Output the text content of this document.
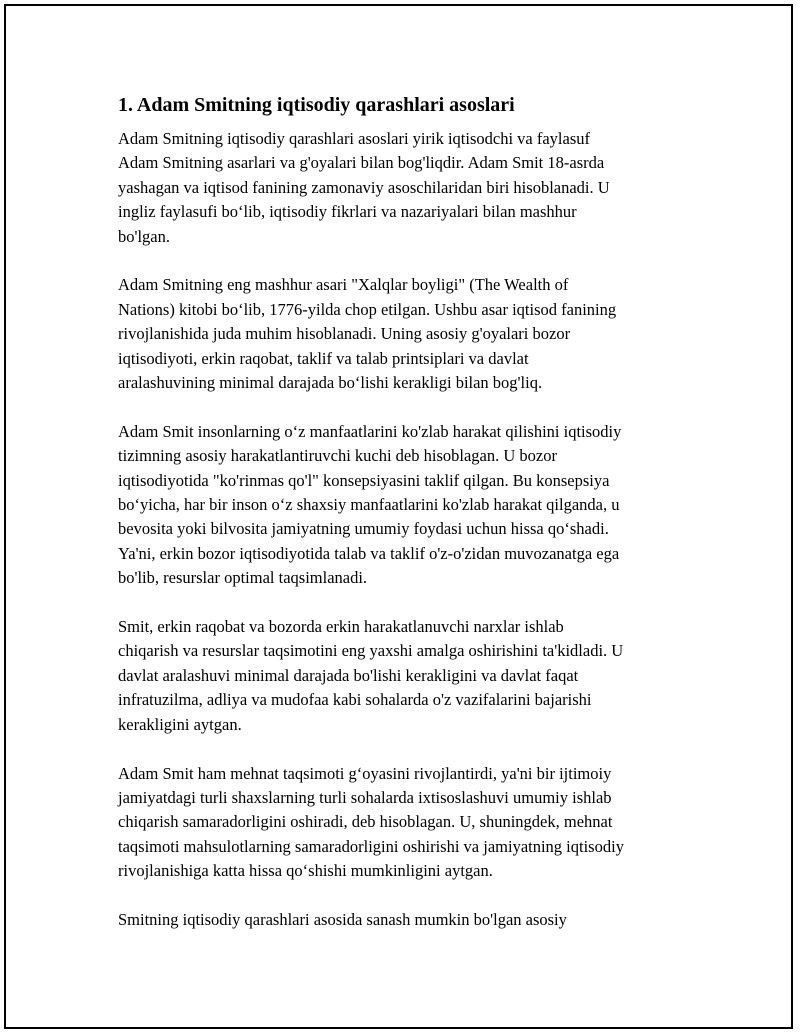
1. Adam Smitning iqtisodiy qarashlari asoslari
Adam Smitning iqtisodiy qarashlari asoslari yirik iqtisodchi va faylasuf
Adam Smitning asarlari va g'oyalari bilan bog'liqdir. Adam Smit 18-asrda
yashagan va iqtisod fanining zamonaviy asoschilaridan biri hisoblanadi. U
ingliz faylasufi bo‘lib, iqtisodiy fikrlari va nazariyalari bilan mashhur
bo'lgan.
Adam Smitning eng mashhur asari "Xalqlar boyligi" (The Wealth of
Nations) kitobi bo‘lib, 1776-yilda chop etilgan. Ushbu asar iqtisod fanining
rivojlanishida juda muhim hisoblanadi. Uning asosiy g'oyalari bozor
iqtisodiyoti, erkin raqobat, taklif va talab printsiplari va davlat
aralashuvining minimal darajada bo‘lishi kerakligi bilan bog'liq.
Adam Smit insonlarning o‘z manfaatlarini ko'zlab harakat qilishini iqtisodiy
tizimning asosiy harakatlantiruvchi kuchi deb hisoblagan. U bozor
iqtisodiyotida "ko'rinmas qo'l" konsepsiyasini taklif qilgan. Bu konsepsiya
bo‘yicha, har bir inson o‘z shaxsiy manfaatlarini ko'zlab harakat qilganda, u
bevosita yoki bilvosita jamiyatning umumiy foydasi uchun hissa qo‘shadi.
Ya'ni, erkin bozor iqtisodiyotida talab va taklif o'z-o'zidan muvozanatga ega
bo'lib, resurslar optimal taqsimlanadi.
Smit, erkin raqobat va bozorda erkin harakatlanuvchi narxlar ishlab
chiqarish va resurslar taqsimotini eng yaxshi amalga oshirishini ta'kidladi. U
davlat aralashuvi minimal darajada bo'lishi kerakligini va davlat faqat
infratuzilma, adliya va mudofaa kabi sohalarda o'z vazifalarini bajarishi
kerakligini aytgan.
Adam Smit ham mehnat taqsimoti g‘oyasini rivojlantirdi, ya'ni bir ijtimoiy
jamiyatdagi turli shaxslarning turli sohalarda ixtisoslashuvi umumiy ishlab
chiqarish samaradorligini oshiradi, deb hisoblagan. U, shuningdek, mehnat
taqsimoti mahsulotlarning samaradorligini oshirishi va jamiyatning iqtisodiy
rivojlanishiga katta hissa qo‘shishi mumkinligini aytgan.
Smitning iqtisodiy qarashlari asosida sanash mumkin bo'lgan asosiy
